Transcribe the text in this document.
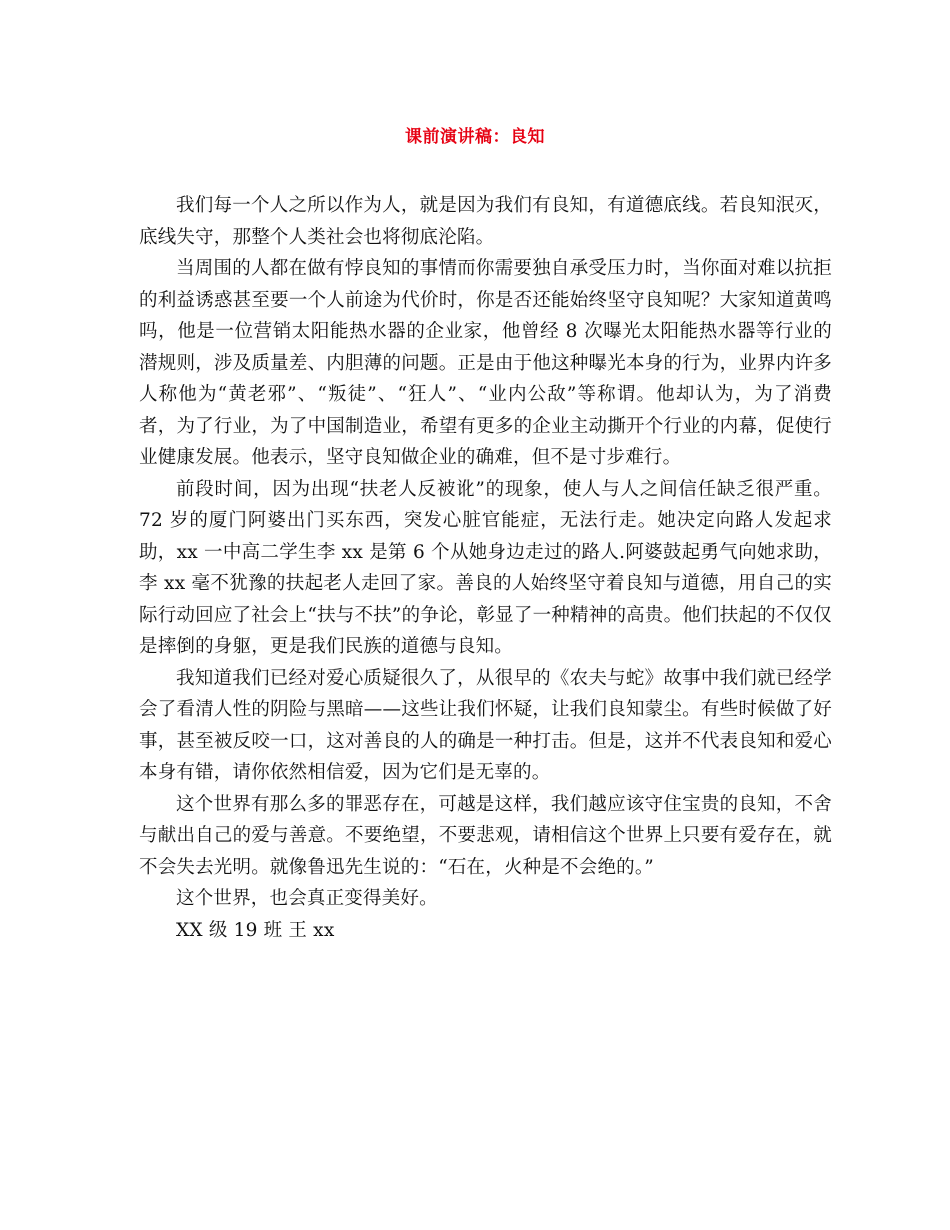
课前演讲稿：良知

我们每一个人之所以作为人，就是因为我们有良知，有道德底线。若良知泯灭，底线失守，那整个人类社会也将彻底沦陷。

当周围的人都在做有悖良知的事情而你需要独自承受压力时，当你面对难以抗拒的利益诱惑甚至要一个人前途为代价时，你是否还能始终坚守良知呢？大家知道黄鸣吗，他是一位营销太阳能热水器的企业家，他曾经 8 次曝光太阳能热水器等行业的潜规则，涉及质量差、内胆薄的问题。正是由于他这种曝光本身的行为，业界内许多人称他为“黄老邪”、“叛徒”、“狂人”、“业内公敌”等称谓。他却认为，为了消费者，为了行业，为了中国制造业，希望有更多的企业主动撕开个行业的内幕，促使行业健康发展。他表示，坚守良知做企业的确难，但不是寸步难行。

前段时间，因为出现“扶老人反被讹”的现象，使人与人之间信任缺乏很严重。72 岁的厦门阿婆出门买东西，突发心脏官能症，无法行走。她决定向路人发起求助，xx 一中高二学生李 xx 是第 6 个从她身边走过的路人.阿婆鼓起勇气向她求助，李 xx 毫不犹豫的扶起老人走回了家。善良的人始终坚守着良知与道德，用自己的实际行动回应了社会上“扶与不扶”的争论，彰显了一种精神的高贵。他们扶起的不仅仅是摔倒的身躯，更是我们民族的道德与良知。

我知道我们已经对爱心质疑很久了，从很早的《农夫与蛇》故事中我们就已经学会了看清人性的阴险与黑暗——这些让我们怀疑，让我们良知蒙尘。有些时候做了好事，甚至被反咬一口，这对善良的人的确是一种打击。但是，这并不代表良知和爱心本身有错，请你依然相信爱，因为它们是无辜的。

这个世界有那么多的罪恶存在，可越是这样，我们越应该守住宝贵的良知，不舍与献出自己的爱与善意。不要绝望，不要悲观，请相信这个世界上只要有爱存在，就不会失去光明。就像鲁迅先生说的：“石在，火种是不会绝的。”

这个世界，也会真正变得美好。

XX 级 19 班 王 xx
